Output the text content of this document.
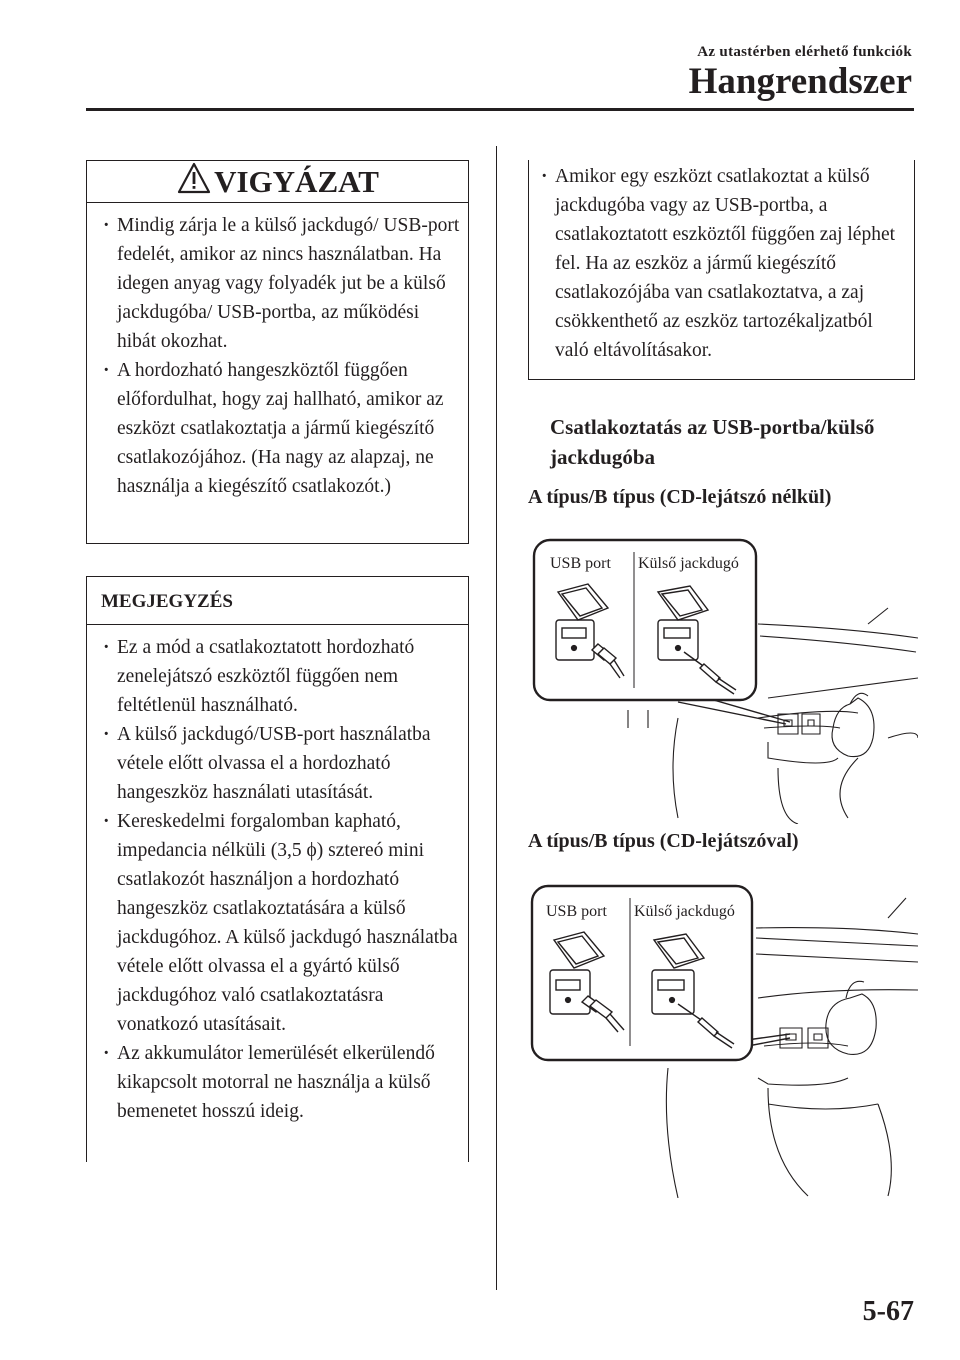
Az utastérben elérhető funkciók
Hangrendszer
VIGYÁZAT
· Mindig zárja le a külső jackdugó/ USB-port fedelét, amikor az nincs használatban. Ha idegen anyag vagy folyadék jut be a külső jackdugóba/ USB-portba, az működési hibát okozhat.
· A hordozható hangeszköztől függően előfordulhat, hogy zaj hallható, amikor az eszközt csatlakoztatja a jármű kiegészítő csatlakozójához. (Ha nagy az alapzaj, ne használja a kiegészítő csatlakozót.)
MEGJEGYZÉS
· Ez a mód a csatlakoztatott hordozható zenelejátszó eszköztől függően nem feltétlenül használható.
· A külső jackdugó/USB-port használatba vétele előtt olvassa el a hordozható hangeszköz használati utasítását.
· Kereskedelmi forgalomban kapható, impedancia nélküli (3,5 ϕ) sztereó mini csatlakozót használjon a hordozható hangeszköz csatlakoztatására a külső jackdugóhoz. A külső jackdugó használatba vétele előtt olvassa el a gyártó külső jackdugóhoz való csatlakoztatásra vonatkozó utasításait.
· Az akkumulátor lemerülését elkerülendő kikapcsolt motorral ne használja a külső bemenetet hosszú ideig.
· Amikor egy eszközt csatlakoztat a külső jackdugóba vagy az USB-portba, a csatlakoztatott eszköztől függően zaj léphet fel. Ha az eszköz a jármű kiegészítő csatlakozójába van csatlakoztatva, a zaj csökkenthető az eszköz tartozékaljzatból való eltávolításakor.
Csatlakoztatás az USB-portba/külső jackdugóba
A típus/B típus (CD-lejátszó nélkül)
USB port Külső jackdugó
A típus/B típus (CD-lejátszóval)
USB port Külső jackdugó
5-67
